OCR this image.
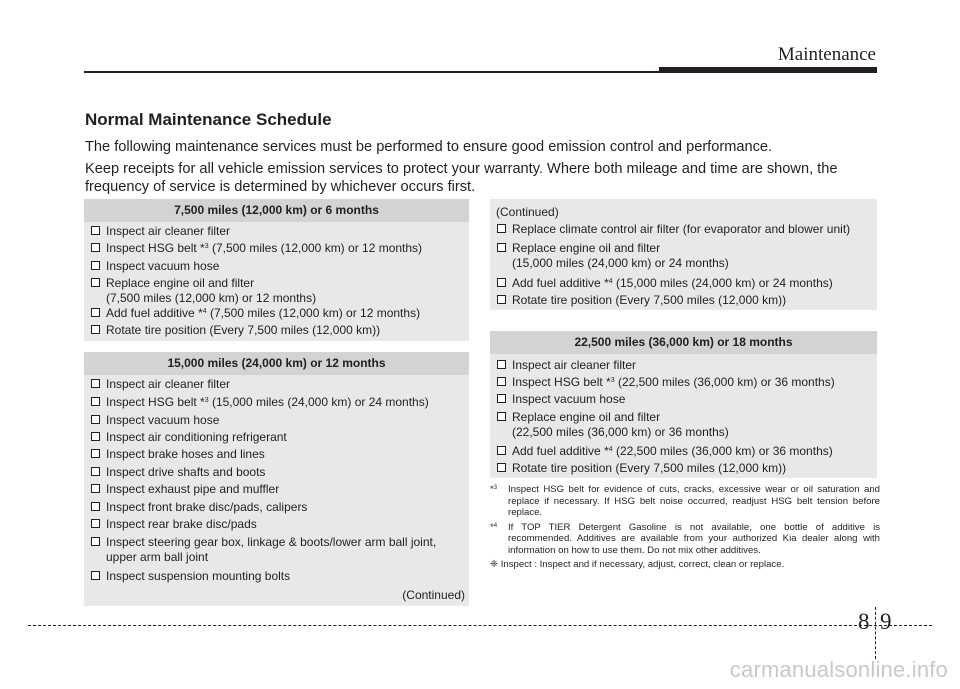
Maintenance
Normal Maintenance Schedule
The following maintenance services must be performed to ensure good emission control and performance.
Keep receipts for all vehicle emission services to protect your warranty. Where both mileage and time are shown, the frequency of service is determined by whichever occurs first.
7,500 miles (12,000 km) or 6 months
Inspect air cleaner filter
Inspect HSG belt *$^3$ (7,500 miles (12,000 km) or 12 months)
Inspect vacuum hose
Replace engine oil and filter
(7,500 miles (12,000 km) or 12 months)
Add fuel additive *$^4$ (7,500 miles (12,000 km) or 12 months)
Rotate tire position (Every 7,500 miles (12,000 km))
15,000 miles (24,000 km) or 12 months
Inspect air cleaner filter
Inspect HSG belt *$^3$ (15,000 miles (24,000 km) or 24 months)
Inspect vacuum hose
Inspect air conditioning refrigerant
Inspect brake hoses and lines
Inspect drive shafts and boots
Inspect exhaust pipe and muffler
Inspect front brake disc/pads, calipers
Inspect rear brake disc/pads
Inspect steering gear box, linkage & boots/lower arm ball joint,
upper arm ball joint
Inspect suspension mounting bolts
(Continued)
(Continued)
Replace climate control air filter (for evaporator and blower unit)
Replace engine oil and filter
(15,000 miles (24,000 km) or 24 months)
Add fuel additive *$^4$ (15,000 miles (24,000 km) or 24 months)
Rotate tire position (Every 7,500 miles (12,000 km))
22,500 miles (36,000 km) or 18 months
Inspect air cleaner filter
Inspect HSG belt *$^3$ (22,500 miles (36,000 km) or 36 months)
Inspect vacuum hose
Replace engine oil and filter
(22,500 miles (36,000 km) or 36 months)
Add fuel additive *$^4$ (22,500 miles (36,000 km) or 36 months)
Rotate tire position (Every 7,500 miles (12,000 km))
*$^3$ Inspect HSG belt for evidence of cuts, cracks, excessive wear or oil saturation and replace if necessary. If HSG belt noise occurred, readjust HSG belt tension before replace.
*$^4$ If TOP TIER Detergent Gasoline is not available, one bottle of additive is recommended. Additives are available from your authorized Kia dealer along with information on how to use them. Do not mix other additives.
❈ Inspect : Inspect and if necessary, adjust, correct, clean or replace.
8 9
carmanualsonline.info
